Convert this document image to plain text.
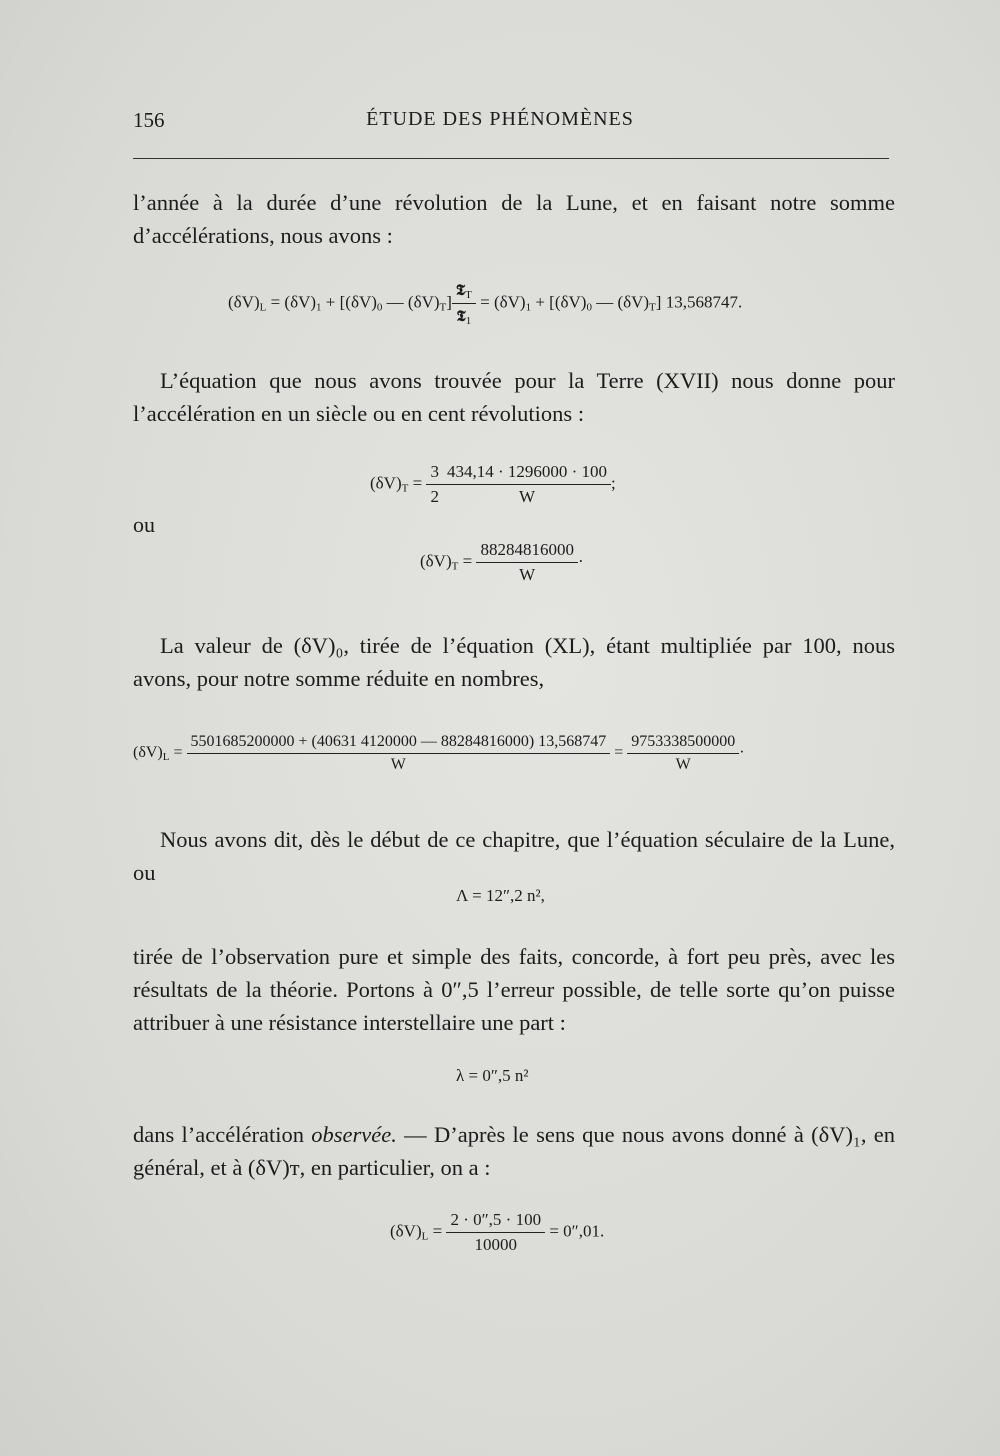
156	ÉTUDE DES PHÉNOMÈNES
l’année à la durée d’une révolution de la Lune, et en faisant notre somme d’accélérations, nous avons :
$(\delta V)_L = (\delta V)_1 + [(\delta V)_0$ — $(\delta V)_T] \frac{𝕿_T}{𝕿_1} = (\delta V)_1 + [(\delta V)_0$ — $(\delta V)_T$] 13,568747.
L’équation que nous avons trouvée pour la Terre (XVII) nous donne pour l’accélération en un siècle ou en cent révolutions :
$(\delta V)_T = \frac{3}{2} \frac{434,14 \cdot 1296000 \cdot 100}{W}$ ;
ou
$(\delta V)_T = \frac{88284816000}{W}$ ·
La valeur de (δV)₀, tirée de l’équation (XL), étant multipliée par 100, nous avons, pour notre somme réduite en nombres,
$(\delta V)_L = \frac{5501685200000 + (40631 4120000 — 88284816000) 13,568747}{W} = \frac{9753338500000}{W}$ ·
Nous avons dit, dès le début de ce chapitre, que l’équation séculaire de la Lune, ou
Λ = 12″,2 n²,
tirée de l’observation pure et simple des faits, concorde, à fort peu près, avec les résultats de la théorie. Portons à 0″,5 l’erreur possible, de telle sorte qu’on puisse attribuer à une résistance interstellaire une part :
λ = 0″,5 n²
dans l’accélération observée. — D’après le sens que nous avons donné à (δV)₁, en général, et à (δV)ᴛ, en particulier, on a :
$(\delta V)_L = \frac{2 \cdot 0'',5 \cdot 100}{10000} = 0'',01$.
